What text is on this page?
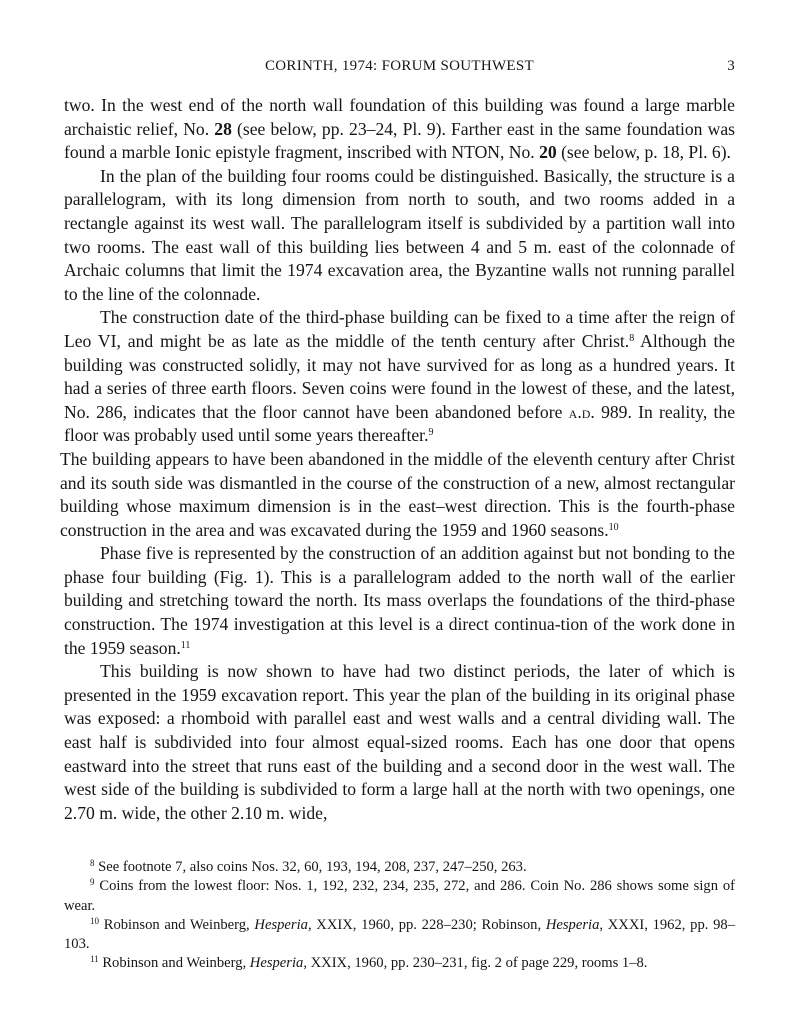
CORINTH, 1974: FORUM SOUTHWEST	3

two. In the west end of the north wall foundation of this building was found a large marble archaistic relief, No. 28 (see below, pp. 23–24, Pl. 9). Farther east in the same foundation was found a marble Ionic epistyle fragment, inscribed with NTON, No. 20 (see below, p. 18, Pl. 6).

In the plan of the building four rooms could be distinguished. Basically, the structure is a parallelogram, with its long dimension from north to south, and two rooms added in a rectangle against its west wall. The parallelogram itself is subdivided by a partition wall into two rooms. The east wall of this building lies between 4 and 5 m. east of the colonnade of Archaic columns that limit the 1974 excavation area, the Byzantine walls not running parallel to the line of the colonnade.

The construction date of the third-phase building can be fixed to a time after the reign of Leo VI, and might be as late as the middle of the tenth century after Christ.$^8$ Although the building was constructed solidly, it may not have survived for as long as a hundred years. It had a series of three earth floors. Seven coins were found in the lowest of these, and the latest, No. 286, indicates that the floor cannot have been abandoned before a.d. 989. In reality, the floor was probably used until some years thereafter.$^9$

The building appears to have been abandoned in the middle of the eleventh century after Christ and its south side was dismantled in the course of the construction of a new, almost rectangular building whose maximum dimension is in the east–west direction. This is the fourth-phase construction in the area and was excavated during the 1959 and 1960 seasons.$^{10}$

Phase five is represented by the construction of an addition against but not bonding to the phase four building (Fig. 1). This is a parallelogram added to the north wall of the earlier building and stretching toward the north. Its mass overlaps the foundations of the third-phase construction. The 1974 investigation at this level is a direct continua-tion of the work done in the 1959 season.$^{11}$

This building is now shown to have had two distinct periods, the later of which is presented in the 1959 excavation report. This year the plan of the building in its original phase was exposed: a rhomboid with parallel east and west walls and a central dividing wall. The east half is subdivided into four almost equal-sized rooms. Each has one door that opens eastward into the street that runs east of the building and a second door in the west wall. The west side of the building is subdivided to form a large hall at the north with two openings, one 2.70 m. wide, the other 2.10 m. wide,

$^8$ See footnote 7, also coins Nos. 32, 60, 193, 194, 208, 237, 247–250, 263.

$^9$ Coins from the lowest floor: Nos. 1, 192, 232, 234, 235, 272, and 286. Coin No. 286 shows some sign of wear.

$^{10}$ Robinson and Weinberg, Hesperia, XXIX, 1960, pp. 228–230; Robinson, Hesperia, XXXI, 1962, pp. 98–103.

$^{11}$ Robinson and Weinberg, Hesperia, XXIX, 1960, pp. 230–231, fig. 2 of page 229, rooms 1–8.
